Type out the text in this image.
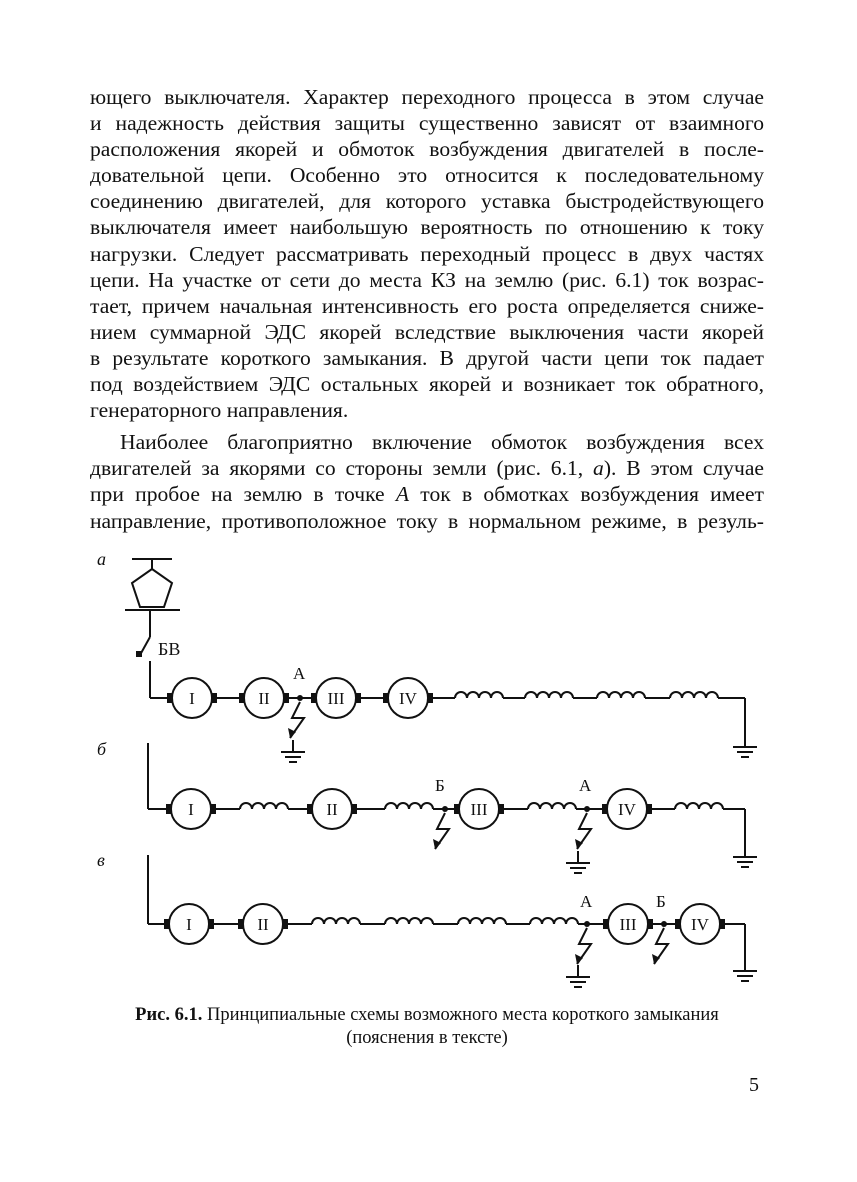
ющего выключателя. Характер переходного процесса в этом случае
и надежность действия защиты существенно зависят от взаимного
расположения якорей и обмоток возбуждения двигателей в после-
довательной цепи. Особенно это относится к последовательному
соединению двигателей, для которого уставка быстродействующего
выключателя имеет наибольшую вероятность по отношению к току
нагрузки. Следует рассматривать переходный процесс в двух частях
цепи. На участке от сети до места КЗ на землю (рис. 6.1) ток возрас-
тает, причем начальная интенсивность его роста определяется сниже-
нием суммарной ЭДС якорей вследствие выключения части якорей
в результате короткого замыкания. В другой части цепи ток падает
под воздействием ЭДС остальных якорей и возникает ток обратного,
генераторного направления.
Наиболее благоприятно включение обмоток возбуждения всех
двигателей за якорями со стороны земли (рис. 6.1, а). В этом случае
при пробое на землю в точке А ток в обмотках возбуждения имеет
направление, противоположное току в нормальном режиме, в резуль-
а
БВ
А
б
Б	А
в
А	Б
I	II	III	IV
I	II	III	IV
I	II	III	IV
Рис. 6.1. Принципиальные схемы возможного места короткого замыкания
(пояснения в тексте)
5
